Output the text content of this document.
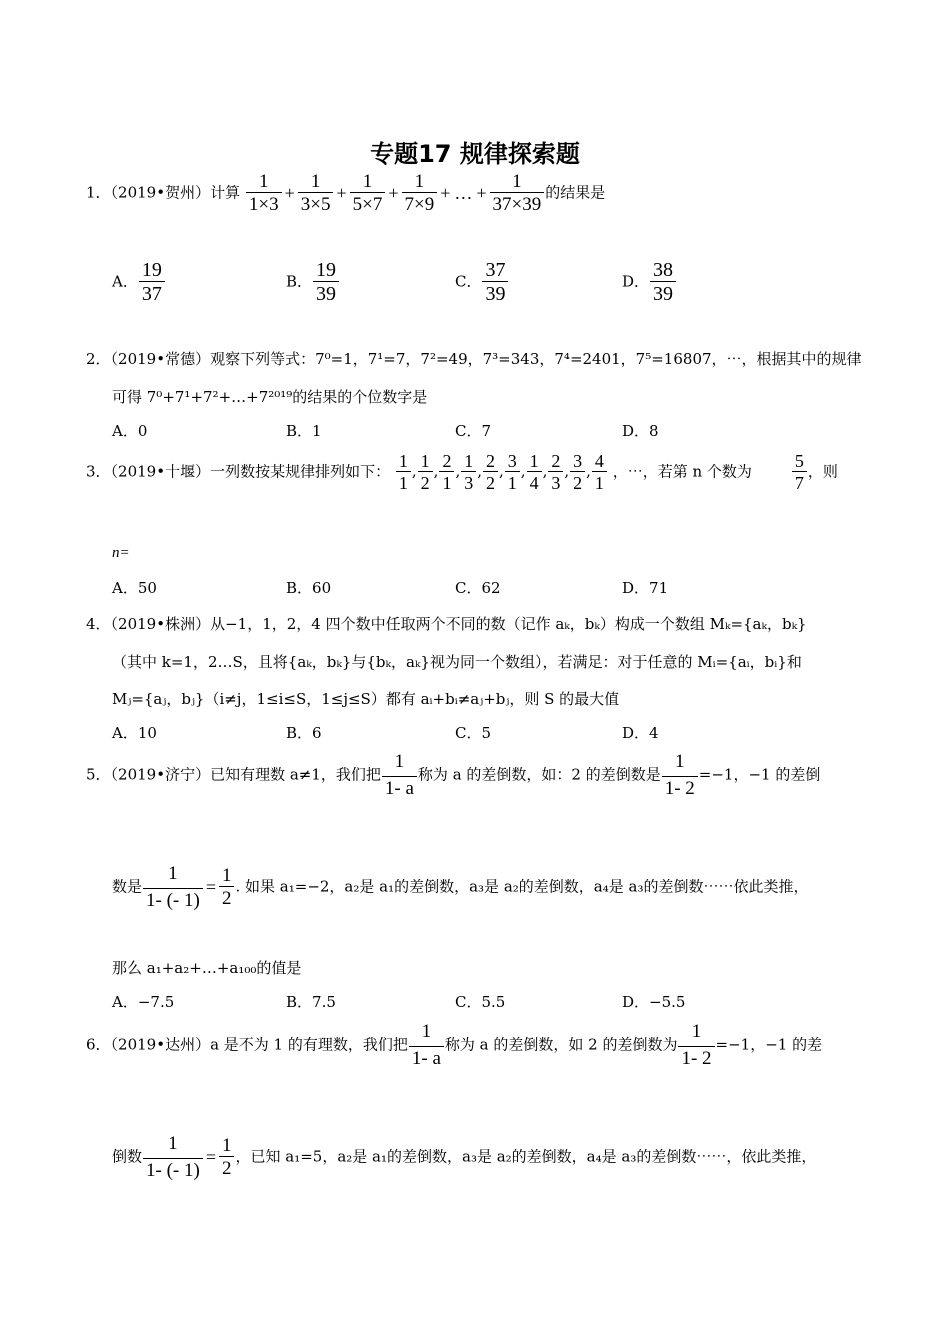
专题17 规律探索题
1．（2019•贺州）计算 $\frac{1}{1\times 3} + \frac{1}{3\times 5} + \frac{1}{5\times 7} + \frac{1}{7\times 9}$ + … + $\frac{1}{37\times 39}$ 的结果是
A． $\frac{19}{37}$	B． $\frac{19}{39}$	C． $\frac{37}{39}$	D． $\frac{38}{39}$
2．（2019•常德）观察下列等式：7⁰=1，7¹=7，7²=49，7³=343，7⁴=2401，7⁵=16807，⋯，根据其中的规律
可得 7⁰+7¹+7²+…+7²⁰¹⁹的结果的个位数字是
A．0	B．1	C．7	D．8
3．（2019•十堰）一列数按某规律排列如下： $\frac{1}{1}$ , $\frac{1}{2}$ , $\frac{2}{1}$ , $\frac{1}{3}$ , $\frac{2}{2}$ , $\frac{3}{1}$ , $\frac{1}{4}$ , $\frac{2}{3}$ , $\frac{3}{2}$ , $\frac{4}{1}$ ，⋯，若第 n 个数为 $\frac{5}{7}$ ，则
n=
A．50	B．60	C．62	D．71
4．（2019•株洲）从−1，1，2，4 四个数中任取两个不同的数（记作 aₖ，bₖ）构成一个数组 Mₖ={aₖ，bₖ}
（其中 k=1，2…S，且将{aₖ，bₖ}与{bₖ，aₖ}视为同一个数组），若满足：对于任意的 Mᵢ={aᵢ，bᵢ}和
Mⱼ={aⱼ，bⱼ}（i≠j，1≤i≤S，1≤j≤S）都有 aᵢ+bᵢ≠aⱼ+bⱼ，则 S 的最大值
A．10	B．6	C．5	D．4
5．（2019•济宁）已知有理数 a≠1，我们把 $\frac{1}{1- a}$ 称为 a 的差倒数，如：2 的差倒数是 $\frac{1}{1- 2} =-1$，−1 的差倒
数是 $\frac{1}{1- (- 1)} = \frac{1}{2}$ . 如果 a₁=−2，a₂是 a₁的差倒数，a₃是 a₂的差倒数，a₄是 a₃的差倒数⋯⋯依此类推，
那么 a₁+a₂+…+a₁₀₀的值是
A．−7.5	B．7.5	C．5.5	D．−5.5
6．（2019•达州）a 是不为 1 的有理数，我们把 $\frac{1}{1- a}$ 称为 a 的差倒数，如 2 的差倒数为 $\frac{1}{1- 2} =-1$，−1 的差
倒数 $\frac{1}{1- (- 1)} = \frac{1}{2}$ ，已知 a₁=5，a₂是 a₁的差倒数，a₃是 a₂的差倒数，a₄是 a₃的差倒数⋯⋯，依此类推，
